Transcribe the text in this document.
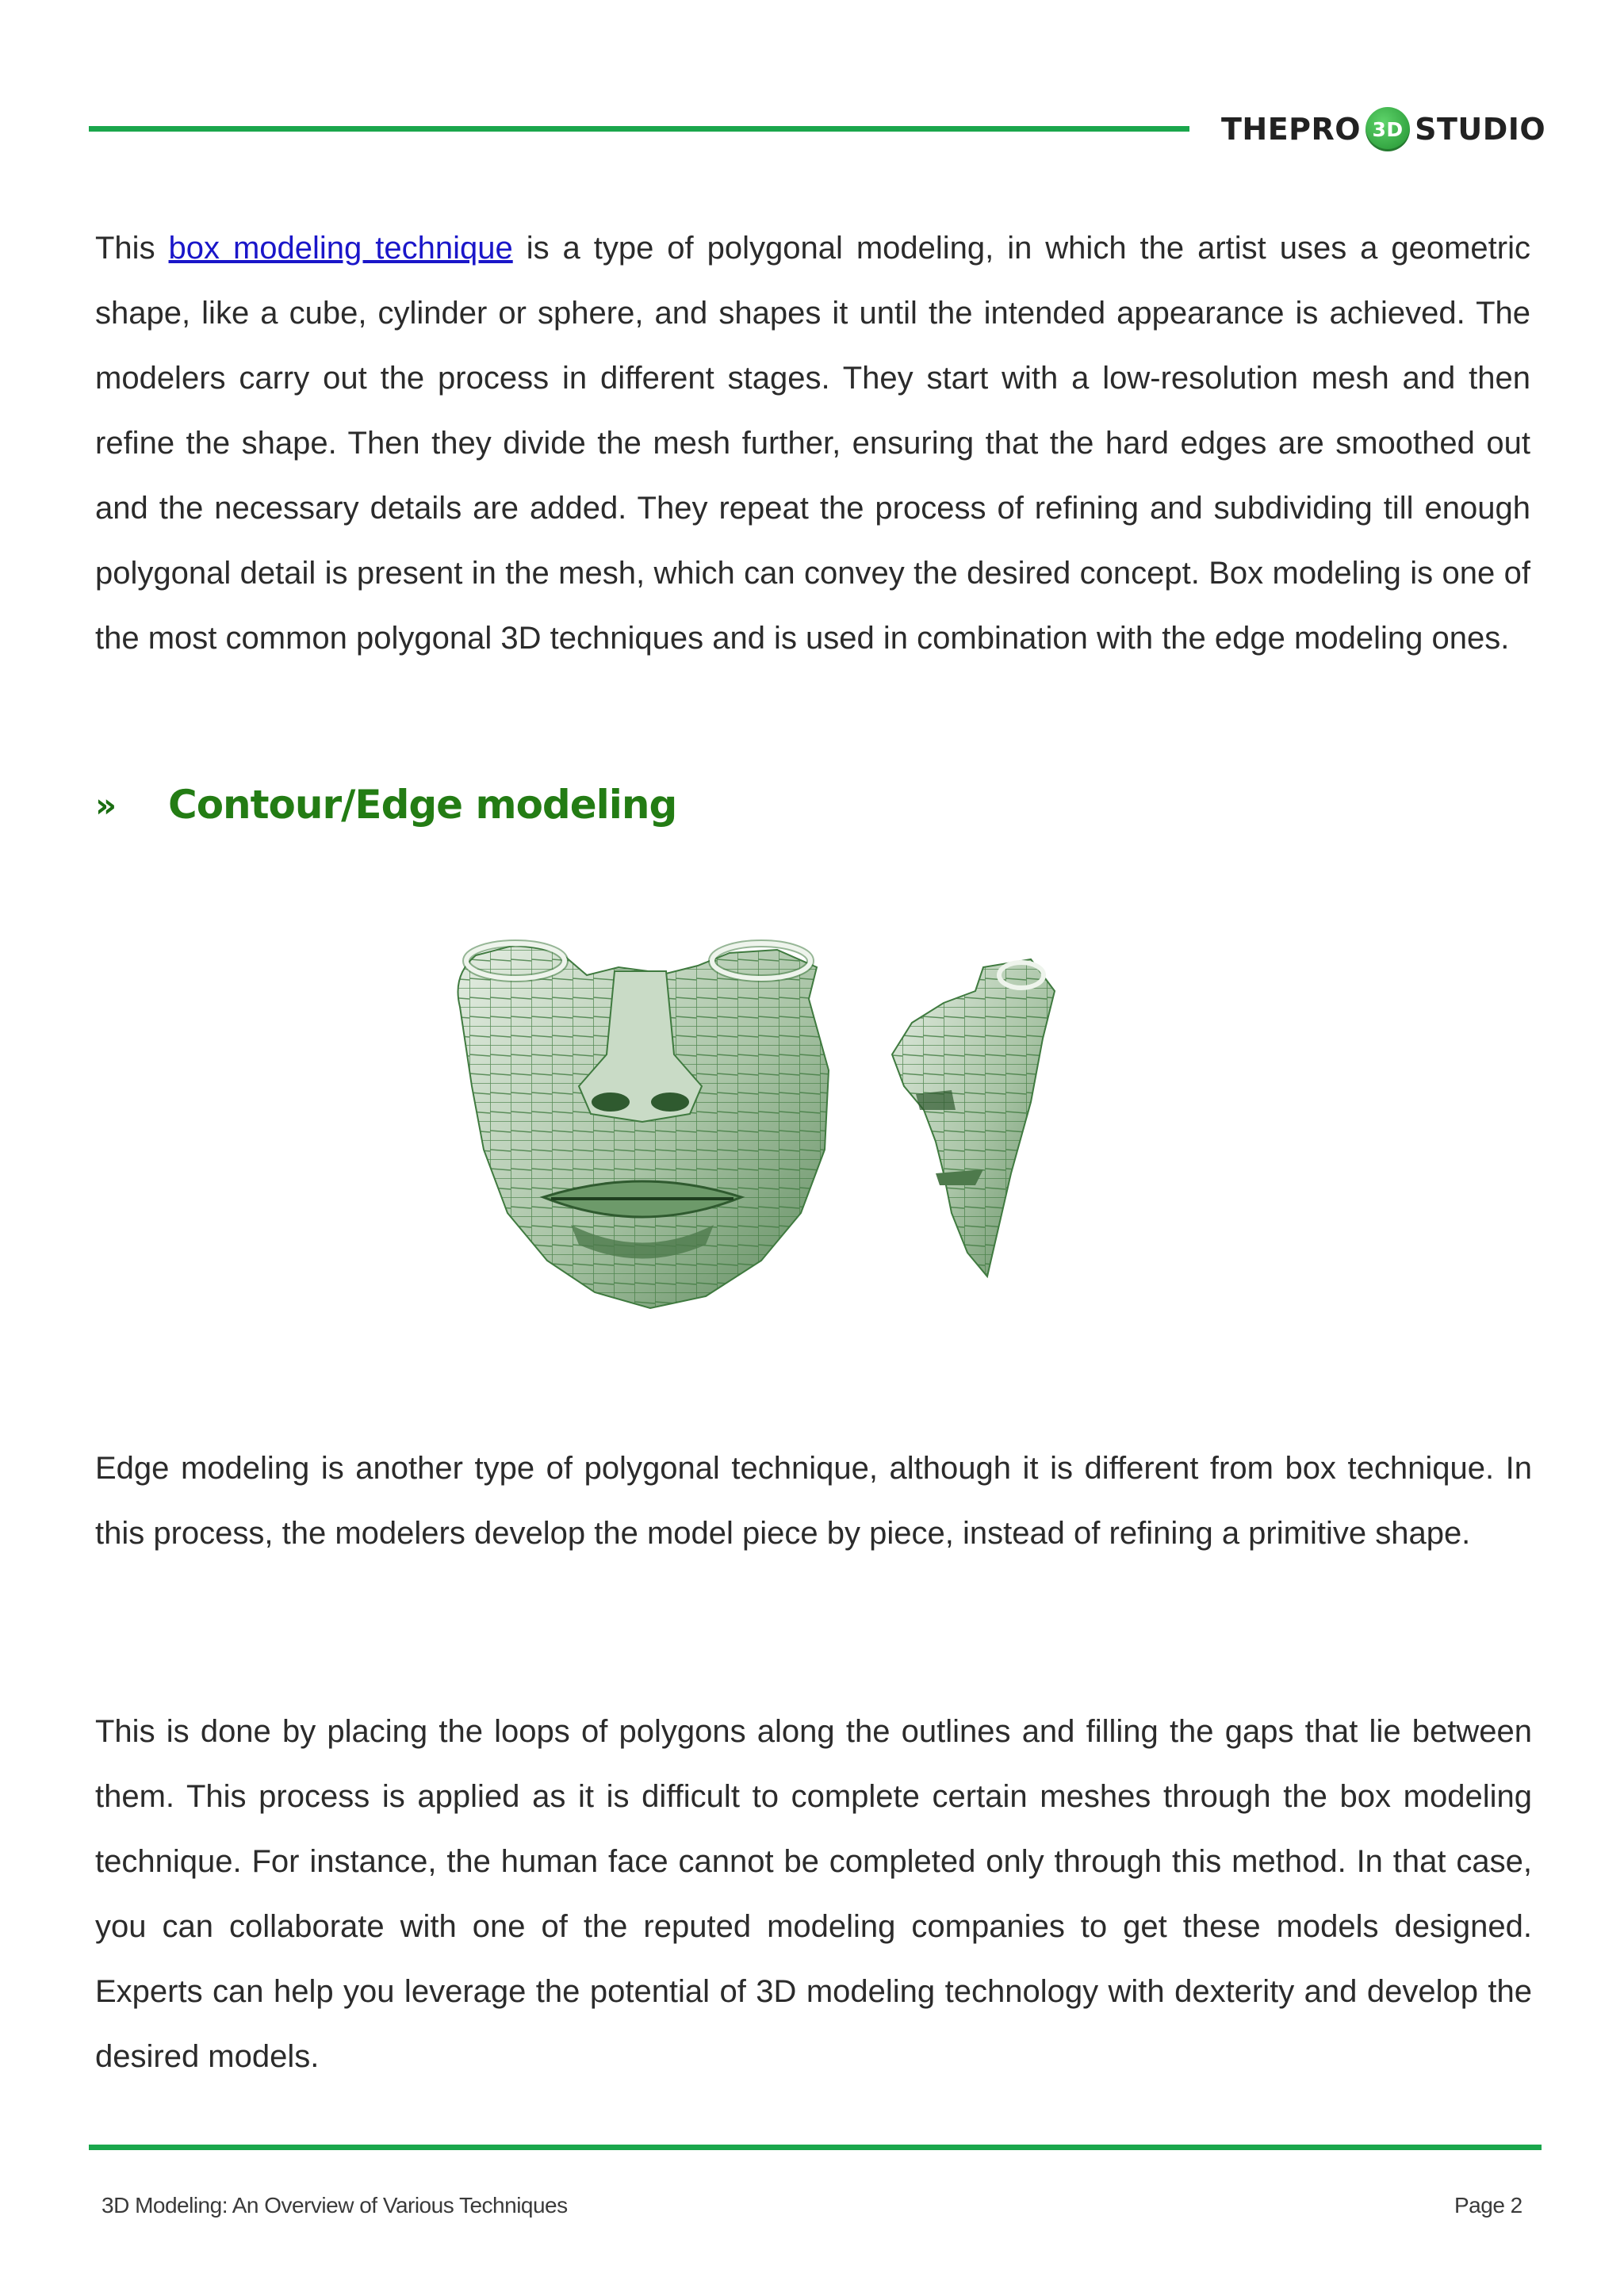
THEPRO 3D STUDIO

This box modeling technique is a type of polygonal modeling, in which the artist uses a geometric shape, like a cube, cylinder or sphere, and shapes it until the intended appearance is achieved. The modelers carry out the process in different stages. They start with a low-resolution mesh and then refine the shape. Then they divide the mesh further, ensuring that the hard edges are smoothed out and the necessary details are added. They repeat the process of refining and subdividing till enough polygonal detail is present in the mesh, which can convey the desired concept. Box modeling is one of the most common polygonal 3D techniques and is used in combination with the edge modeling ones.

»	Contour/Edge modeling

Edge modeling is another type of polygonal technique, although it is different from box technique. In this process, the modelers develop the model piece by piece, instead of refining a primitive shape.

This is done by placing the loops of polygons along the outlines and filling the gaps that lie between them. This process is applied as it is difficult to complete certain meshes through the box modeling technique. For instance, the human face cannot be completed only through this method. In that case, you can collaborate with one of the reputed modeling companies to get these models designed. Experts can help you leverage the potential of 3D modeling technology with dexterity and develop the desired models.

3D Modeling: An Overview of Various Techniques	Page 2
